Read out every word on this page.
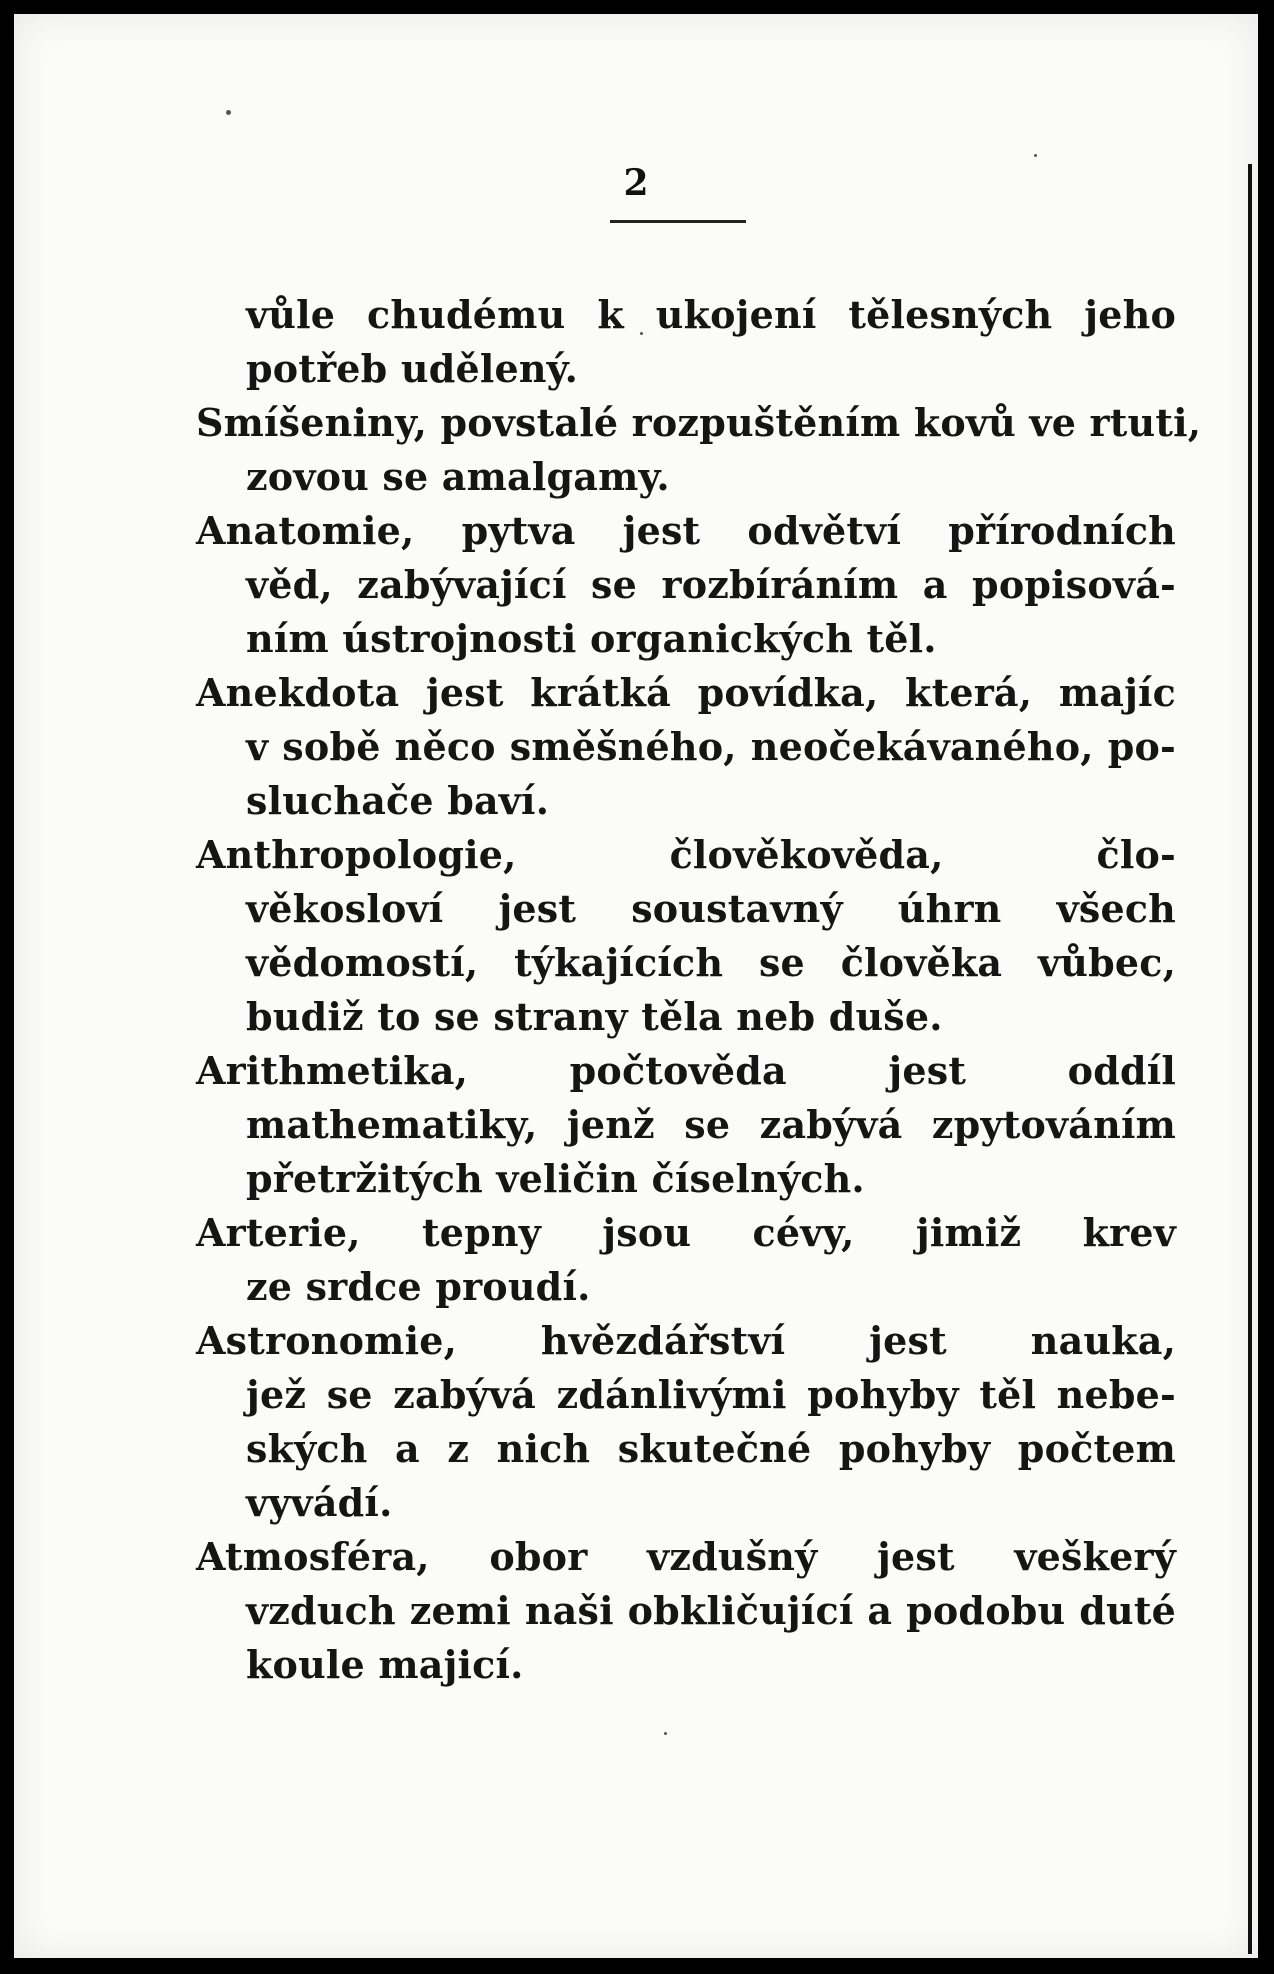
2
vůle chudému k ukojení tělesných jeho
potřeb udělený.
Smíšeniny, povstalé rozpuštěním kovů ve rtuti,
zovou se amalgamy.
Anatomie, pytva jest odvětví přírodních
věd, zabývající se rozbíráním a popisová-
ním ústrojnosti organických těl.
Anekdota jest krátká povídka, která, majíc
v sobě něco směšného, neočekávaného, po-
sluchače baví.
Anthropologie, člověkověda, člo-
věkosloví jest soustavný úhrn všech
vědomostí, týkajících se člověka vůbec,
budiž to se strany těla neb duše.
Arithmetika, počtověda jest oddíl
mathematiky, jenž se zabývá zpytováním
přetržitých veličin číselných.
Arterie, tepny jsou cévy, jimiž krev
ze srdce proudí.
Astronomie, hvězdářství jest nauka,
jež se zabývá zdánlivými pohyby těl nebe-
ských a z nich skutečné pohyby počtem
vyvádí.
Atmosféra, obor vzdušný jest veškerý
vzduch zemi naši obkličující a podobu duté
koule majicí.
